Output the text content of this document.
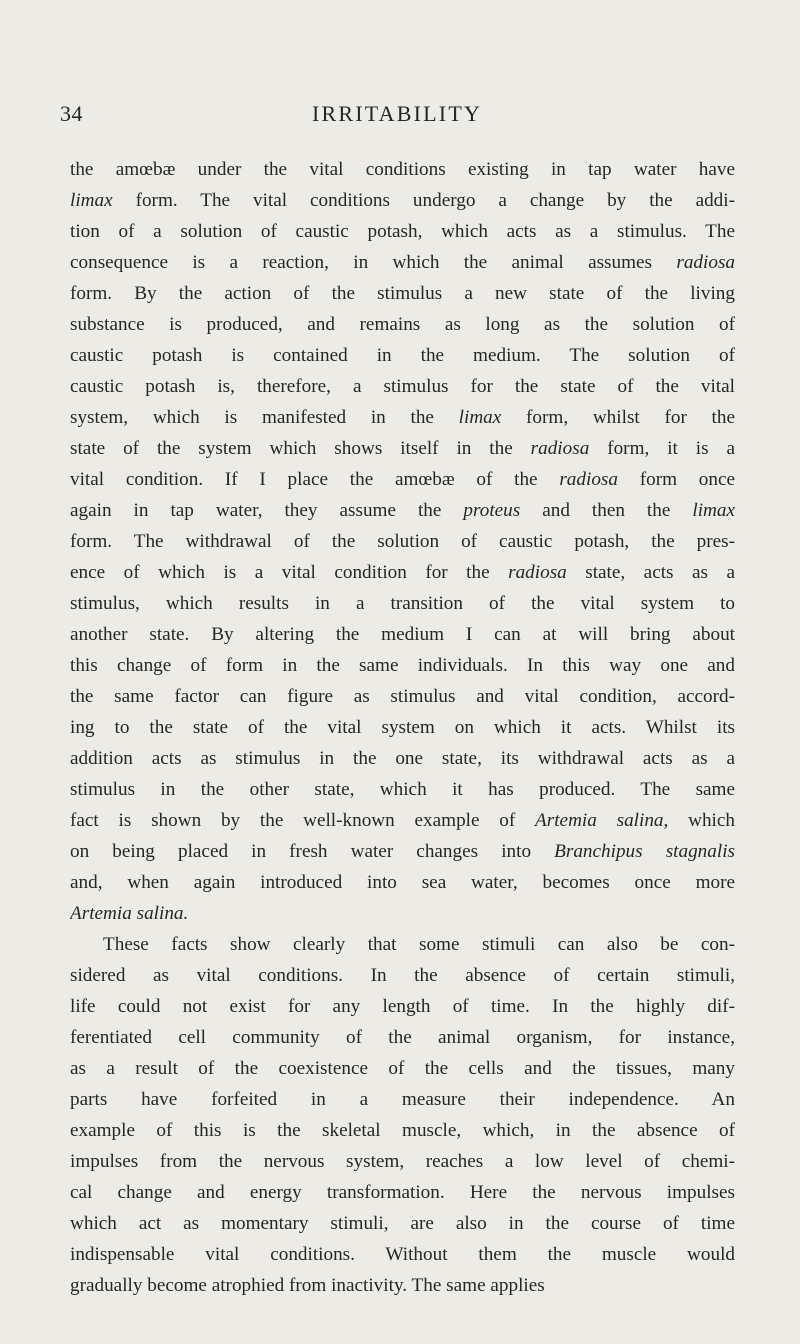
34	IRRITABILITY
the amœbæ under the vital conditions existing in tap water have
limax form. The vital conditions undergo a change by the addi-
tion of a solution of caustic potash, which acts as a stimulus. The
consequence is a reaction, in which the animal assumes radiosa
form. By the action of the stimulus a new state of the living
substance is produced, and remains as long as the solution of
caustic potash is contained in the medium. The solution of
caustic potash is, therefore, a stimulus for the state of the vital
system, which is manifested in the limax form, whilst for the
state of the system which shows itself in the radiosa form, it is a
vital condition. If I place the amœbæ of the radiosa form once
again in tap water, they assume the proteus and then the limax
form. The withdrawal of the solution of caustic potash, the pres-
ence of which is a vital condition for the radiosa state, acts as a
stimulus, which results in a transition of the vital system to
another state. By altering the medium I can at will bring about
this change of form in the same individuals. In this way one and
the same factor can figure as stimulus and vital condition, accord-
ing to the state of the vital system on which it acts. Whilst its
addition acts as stimulus in the one state, its withdrawal acts as a
stimulus in the other state, which it has produced. The same
fact is shown by the well-known example of Artemia salina, which
on being placed in fresh water changes into Branchipus stagnalis
and, when again introduced into sea water, becomes once more
Artemia salina.
These facts show clearly that some stimuli can also be con-
sidered as vital conditions. In the absence of certain stimuli,
life could not exist for any length of time. In the highly dif-
ferentiated cell community of the animal organism, for instance,
as a result of the coexistence of the cells and the tissues, many
parts have forfeited in a measure their independence. An
example of this is the skeletal muscle, which, in the absence of
impulses from the nervous system, reaches a low level of chemi-
cal change and energy transformation. Here the nervous impulses
which act as momentary stimuli, are also in the course of time
indispensable vital conditions. Without them the muscle would
gradually become atrophied from inactivity. The same applies
